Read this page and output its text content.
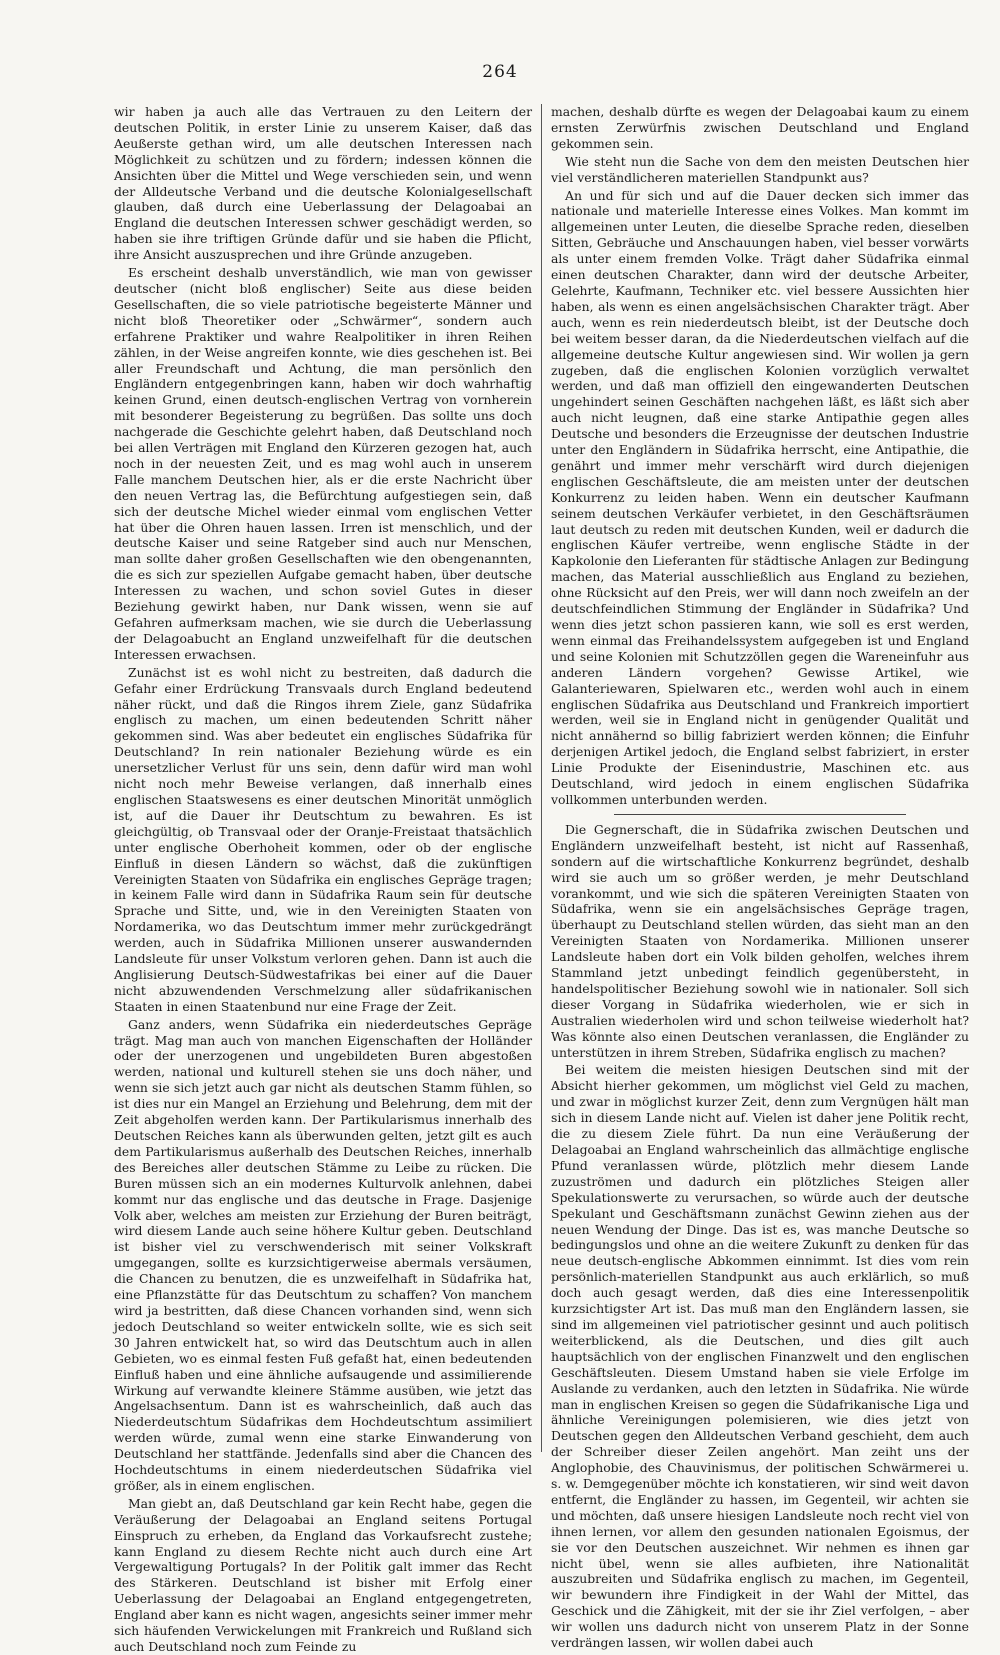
264

wir haben ja auch alle das Vertrauen zu den Leitern der deutschen Politik, in erster Linie zu unserem Kaiser, daß das Aeußerste gethan wird, um alle deutschen Interessen nach Möglichkeit zu schützen und zu fördern; indessen können die Ansichten über die Mittel und Wege verschieden sein, und wenn der Alldeutsche Verband und die deutsche Kolonialgesellschaft glauben, daß durch eine Ueberlassung der Delagoabai an England die deutschen Interessen schwer geschädigt werden, so haben sie ihre triftigen Gründe dafür und sie haben die Pflicht, ihre Ansicht auszusprechen und ihre Gründe anzugeben.

Es erscheint deshalb unverständlich, wie man von gewisser deutscher (nicht bloß englischer) Seite aus diese beiden Gesellschaften, die so viele patriotische begeisterte Männer und nicht bloß Theoretiker oder „Schwärmer“, sondern auch erfahrene Praktiker und wahre Realpolitiker in ihren Reihen zählen, in der Weise angreifen konnte, wie dies geschehen ist. Bei aller Freundschaft und Achtung, die man persönlich den Engländern entgegenbringen kann, haben wir doch wahrhaftig keinen Grund, einen deutsch-englischen Vertrag von vornherein mit besonderer Begeisterung zu begrüßen. Das sollte uns doch nachgerade die Geschichte gelehrt haben, daß Deutschland noch bei allen Verträgen mit England den Kürzeren gezogen hat, auch noch in der neuesten Zeit, und es mag wohl auch in unserem Falle manchem Deutschen hier, als er die erste Nachricht über den neuen Vertrag las, die Befürchtung aufgestiegen sein, daß sich der deutsche Michel wieder einmal vom englischen Vetter hat über die Ohren hauen lassen. Irren ist menschlich, und der deutsche Kaiser und seine Ratgeber sind auch nur Menschen, man sollte daher großen Gesellschaften wie den obengenannten, die es sich zur speziellen Aufgabe gemacht haben, über deutsche Interessen zu wachen, und schon soviel Gutes in dieser Beziehung gewirkt haben, nur Dank wissen, wenn sie auf Gefahren aufmerksam machen, wie sie durch die Ueberlassung der Delagoabucht an England unzweifelhaft für die deutschen Interessen erwachsen.

Zunächst ist es wohl nicht zu bestreiten, daß dadurch die Gefahr einer Erdrückung Transvaals durch England bedeutend näher rückt, und daß die Ringos ihrem Ziele, ganz Südafrika englisch zu machen, um einen bedeutenden Schritt näher gekommen sind. Was aber bedeutet ein englisches Südafrika für Deutschland? In rein nationaler Beziehung würde es ein unersetzlicher Verlust für uns sein, denn dafür wird man wohl nicht noch mehr Beweise verlangen, daß innerhalb eines englischen Staatswesens es einer deutschen Minorität unmöglich ist, auf die Dauer ihr Deutschtum zu bewahren. Es ist gleichgültig, ob Transvaal oder der Oranje-Freistaat thatsächlich unter englische Oberhoheit kommen, oder ob der englische Einfluß in diesen Ländern so wächst, daß die zukünftigen Vereinigten Staaten von Südafrika ein englisches Gepräge tragen; in keinem Falle wird dann in Südafrika Raum sein für deutsche Sprache und Sitte, und, wie in den Vereinigten Staaten von Nordamerika, wo das Deutschtum immer mehr zurückgedrängt werden, auch in Südafrika Millionen unserer auswandernden Landsleute für unser Volkstum verloren gehen. Dann ist auch die Anglisierung Deutsch-Südwestafrikas bei einer auf die Dauer nicht abzuwendenden Verschmelzung aller südafrikanischen Staaten in einen Staatenbund nur eine Frage der Zeit.

Ganz anders, wenn Südafrika ein niederdeutsches Gepräge trägt. Mag man auch von manchen Eigenschaften der Holländer oder der unerzogenen und ungebildeten Buren abgestoßen werden, national und kulturell stehen sie uns doch näher, und wenn sie sich jetzt auch gar nicht als deutschen Stamm fühlen, so ist dies nur ein Mangel an Erziehung und Belehrung, dem mit der Zeit abgeholfen werden kann. Der Partikularismus innerhalb des Deutschen Reiches kann als überwunden gelten, jetzt gilt es auch dem Partikularismus außerhalb des Deutschen Reiches, innerhalb des Bereiches aller deutschen Stämme zu Leibe zu rücken. Die Buren müssen sich an ein modernes Kulturvolk anlehnen, dabei kommt nur das englische und das deutsche in Frage. Dasjenige Volk aber, welches am meisten zur Erziehung der Buren beiträgt, wird diesem Lande auch seine höhere Kultur geben. Deutschland ist bisher viel zu verschwenderisch mit seiner Volkskraft umgegangen, sollte es kurzsichtigerweise abermals versäumen, die Chancen zu benutzen, die es unzweifelhaft in Südafrika hat, eine Pflanzstätte für das Deutschtum zu schaffen? Von manchem wird ja bestritten, daß diese Chancen vorhanden sind, wenn sich jedoch Deutschland so weiter entwickeln sollte, wie es sich seit 30 Jahren entwickelt hat, so wird das Deutschtum auch in allen Gebieten, wo es einmal festen Fuß gefaßt hat, einen bedeutenden Einfluß haben und eine ähnliche aufsaugende und assimilierende Wirkung auf verwandte kleinere Stämme ausüben, wie jetzt das Angelsachsentum. Dann ist es wahrscheinlich, daß auch das Niederdeutschtum Südafrikas dem Hochdeutschtum assimiliert werden würde, zumal wenn eine starke Einwanderung von Deutschland her stattfände. Jedenfalls sind aber die Chancen des Hochdeutschtums in einem niederdeutschen Südafrika viel größer, als in einem englischen.

Man giebt an, daß Deutschland gar kein Recht habe, gegen die Veräußerung der Delagoabai an England seitens Portugal Einspruch zu erheben, da England das Vorkaufsrecht zustehe; kann England zu diesem Rechte nicht auch durch eine Art Vergewaltigung Portugals? In der Politik galt immer das Recht des Stärkeren. Deutschland ist bisher mit Erfolg einer Ueberlassung der Delagoabai an England entgegengetreten, England aber kann es nicht wagen, angesichts seiner immer mehr sich häufenden Verwickelungen mit Frankreich und Rußland sich auch Deutschland noch zum Feinde zu

machen, deshalb dürfte es wegen der Delagoabai kaum zu einem ernsten Zerwürfnis zwischen Deutschland und England gekommen sein.

Wie steht nun die Sache von dem den meisten Deutschen hier viel verständlicheren materiellen Standpunkt aus?

An und für sich und auf die Dauer decken sich immer das nationale und materielle Interesse eines Volkes. Man kommt im allgemeinen unter Leuten, die dieselbe Sprache reden, dieselben Sitten, Gebräuche und Anschauungen haben, viel besser vorwärts als unter einem fremden Volke. Trägt daher Südafrika einmal einen deutschen Charakter, dann wird der deutsche Arbeiter, Gelehrte, Kaufmann, Techniker etc. viel bessere Aussichten hier haben, als wenn es einen angelsächsischen Charakter trägt. Aber auch, wenn es rein niederdeutsch bleibt, ist der Deutsche doch bei weitem besser daran, da die Niederdeutschen vielfach auf die allgemeine deutsche Kultur angewiesen sind. Wir wollen ja gern zugeben, daß die englischen Kolonien vorzüglich verwaltet werden, und daß man offiziell den eingewanderten Deutschen ungehindert seinen Geschäften nachgehen läßt, es läßt sich aber auch nicht leugnen, daß eine starke Antipathie gegen alles Deutsche und besonders die Erzeugnisse der deutschen Industrie unter den Engländern in Südafrika herrscht, eine Antipathie, die genährt und immer mehr verschärft wird durch diejenigen englischen Geschäftsleute, die am meisten unter der deutschen Konkurrenz zu leiden haben. Wenn ein deutscher Kaufmann seinem deutschen Verkäufer verbietet, in den Geschäftsräumen laut deutsch zu reden mit deutschen Kunden, weil er dadurch die englischen Käufer vertreibe, wenn englische Städte in der Kapkolonie den Lieferanten für städtische Anlagen zur Bedingung machen, das Material ausschließlich aus England zu beziehen, ohne Rücksicht auf den Preis, wer will dann noch zweifeln an der deutschfeindlichen Stimmung der Engländer in Südafrika? Und wenn dies jetzt schon passieren kann, wie soll es erst werden, wenn einmal das Freihandelssystem aufgegeben ist und England und seine Kolonien mit Schutzzöllen gegen die Wareneinfuhr aus anderen Ländern vorgehen? Gewisse Artikel, wie Galanteriewaren, Spielwaren etc., werden wohl auch in einem englischen Südafrika aus Deutschland und Frankreich importiert werden, weil sie in England nicht in genügender Qualität und nicht annähernd so billig fabriziert werden können; die Einfuhr derjenigen Artikel jedoch, die England selbst fabriziert, in erster Linie Produkte der Eisenindustrie, Maschinen etc. aus Deutschland, wird jedoch in einem englischen Südafrika vollkommen unterbunden werden.

Die Gegnerschaft, die in Südafrika zwischen Deutschen und Engländern unzweifelhaft besteht, ist nicht auf Rassenhaß, sondern auf die wirtschaftliche Konkurrenz begründet, deshalb wird sie auch um so größer werden, je mehr Deutschland vorankommt, und wie sich die späteren Vereinigten Staaten von Südafrika, wenn sie ein angelsächsisches Gepräge tragen, überhaupt zu Deutschland stellen würden, das sieht man an den Vereinigten Staaten von Nordamerika. Millionen unserer Landsleute haben dort ein Volk bilden geholfen, welches ihrem Stammland jetzt unbedingt feindlich gegenübersteht, in handelspolitischer Beziehung sowohl wie in nationaler. Soll sich dieser Vorgang in Südafrika wiederholen, wie er sich in Australien wiederholen wird und schon teilweise wiederholt hat? Was könnte also einen Deutschen veranlassen, die Engländer zu unterstützen in ihrem Streben, Südafrika englisch zu machen?

Bei weitem die meisten hiesigen Deutschen sind mit der Absicht hierher gekommen, um möglichst viel Geld zu machen, und zwar in möglichst kurzer Zeit, denn zum Vergnügen hält man sich in diesem Lande nicht auf. Vielen ist daher jene Politik recht, die zu diesem Ziele führt. Da nun eine Veräußerung der Delagoabai an England wahrscheinlich das allmächtige englische Pfund veranlassen würde, plötzlich mehr diesem Lande zuzuströmen und dadurch ein plötzliches Steigen aller Spekulationswerte zu verursachen, so würde auch der deutsche Spekulant und Geschäftsmann zunächst Gewinn ziehen aus der neuen Wendung der Dinge. Das ist es, was manche Deutsche so bedingungslos und ohne an die weitere Zukunft zu denken für das neue deutsch-englische Abkommen einnimmt. Ist dies vom rein persönlich-materiellen Standpunkt aus auch erklärlich, so muß doch auch gesagt werden, daß dies eine Interessenpolitik kurzsichtigster Art ist. Das muß man den Engländern lassen, sie sind im allgemeinen viel patriotischer gesinnt und auch politisch weiterblickend, als die Deutschen, und dies gilt auch hauptsächlich von der englischen Finanzwelt und den englischen Geschäftsleuten. Diesem Umstand haben sie viele Erfolge im Auslande zu verdanken, auch den letzten in Südafrika. Nie würde man in englischen Kreisen so gegen die Südafrikanische Liga und ähnliche Vereinigungen polemisieren, wie dies jetzt von Deutschen gegen den Alldeutschen Verband geschieht, dem auch der Schreiber dieser Zeilen angehört. Man zeiht uns der Anglophobie, des Chauvinismus, der politischen Schwärmerei u. s. w. Demgegenüber möchte ich konstatieren, wir sind weit davon entfernt, die Engländer zu hassen, im Gegenteil, wir achten sie und möchten, daß unsere hiesigen Landsleute noch recht viel von ihnen lernen, vor allem den gesunden nationalen Egoismus, der sie vor den Deutschen auszeichnet. Wir nehmen es ihnen gar nicht übel, wenn sie alles aufbieten, ihre Nationalität auszubreiten und Südafrika englisch zu machen, im Gegenteil, wir bewundern ihre Findigkeit in der Wahl der Mittel, das Geschick und die Zähigkeit, mit der sie ihr Ziel verfolgen, – aber wir wollen uns dadurch nicht von unserem Platz in der Sonne verdrängen lassen, wir wollen dabei auch
